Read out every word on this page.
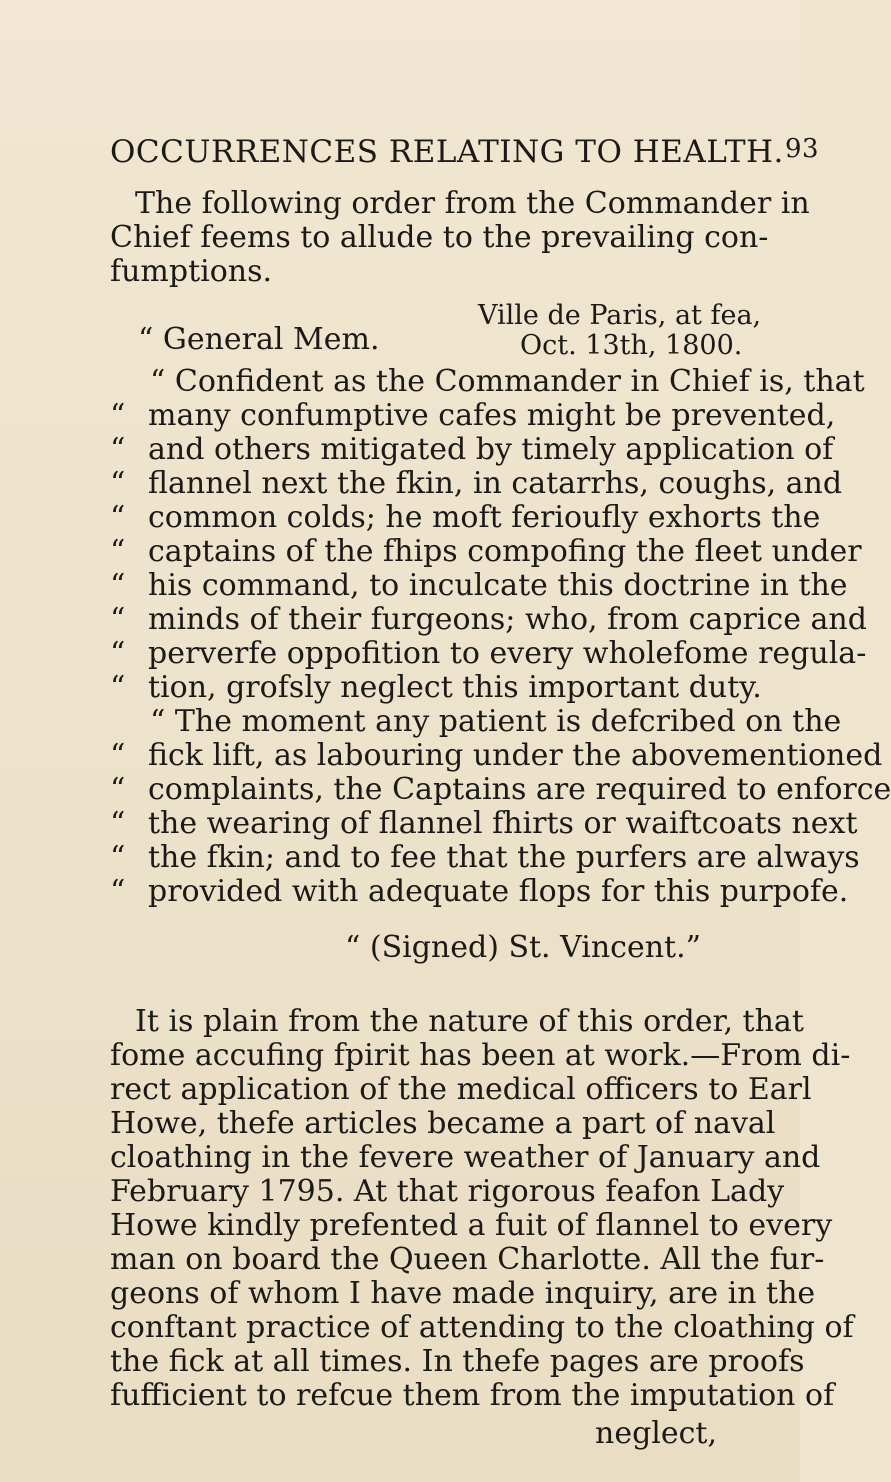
OCCURRENCES RELATING TO HEALTH. 93
The following order from the Commander in
Chief feems to allude to the prevailing con-
fumptions.
Ville de Paris, at fea,
“ General Mem.	Oct. 13th, 1800.
“ Confident as the Commander in Chief is, that
“ many confumptive cafes might be prevented,
“ and others mitigated by timely application of
“ flannel next the fkin, in catarrhs, coughs, and
“ common colds; he moft ferioufly exhorts the
“ captains of the fhips compofing the fleet under
“ his command, to inculcate this doctrine in the
“ minds of their furgeons; who, from caprice and
“ perverfe oppofition to every wholefome regula-
“ tion, grofsly neglect this important duty.
“ The moment any patient is defcribed on the
“ fick lift, as labouring under the abovementioned
“ complaints, the Captains are required to enforce
“ the wearing of flannel fhirts or waiftcoats next
“ the fkin; and to fee that the purfers are always
“ provided with adequate flops for this purpofe.
“ (Signed) St. Vincent.”
It is plain from the nature of this order, that
fome accufing fpirit has been at work.—From di-
rect application of the medical officers to Earl
Howe, thefe articles became a part of naval
cloathing in the fevere weather of January and
February 1795. At that rigorous feafon Lady
Howe kindly prefented a fuit of flannel to every
man on board the Queen Charlotte. All the fur-
geons of whom I have made inquiry, are in the
conftant practice of attending to the cloathing of
the fick at all times. In thefe pages are proofs
fufficient to refcue them from the imputation of
neglect,
